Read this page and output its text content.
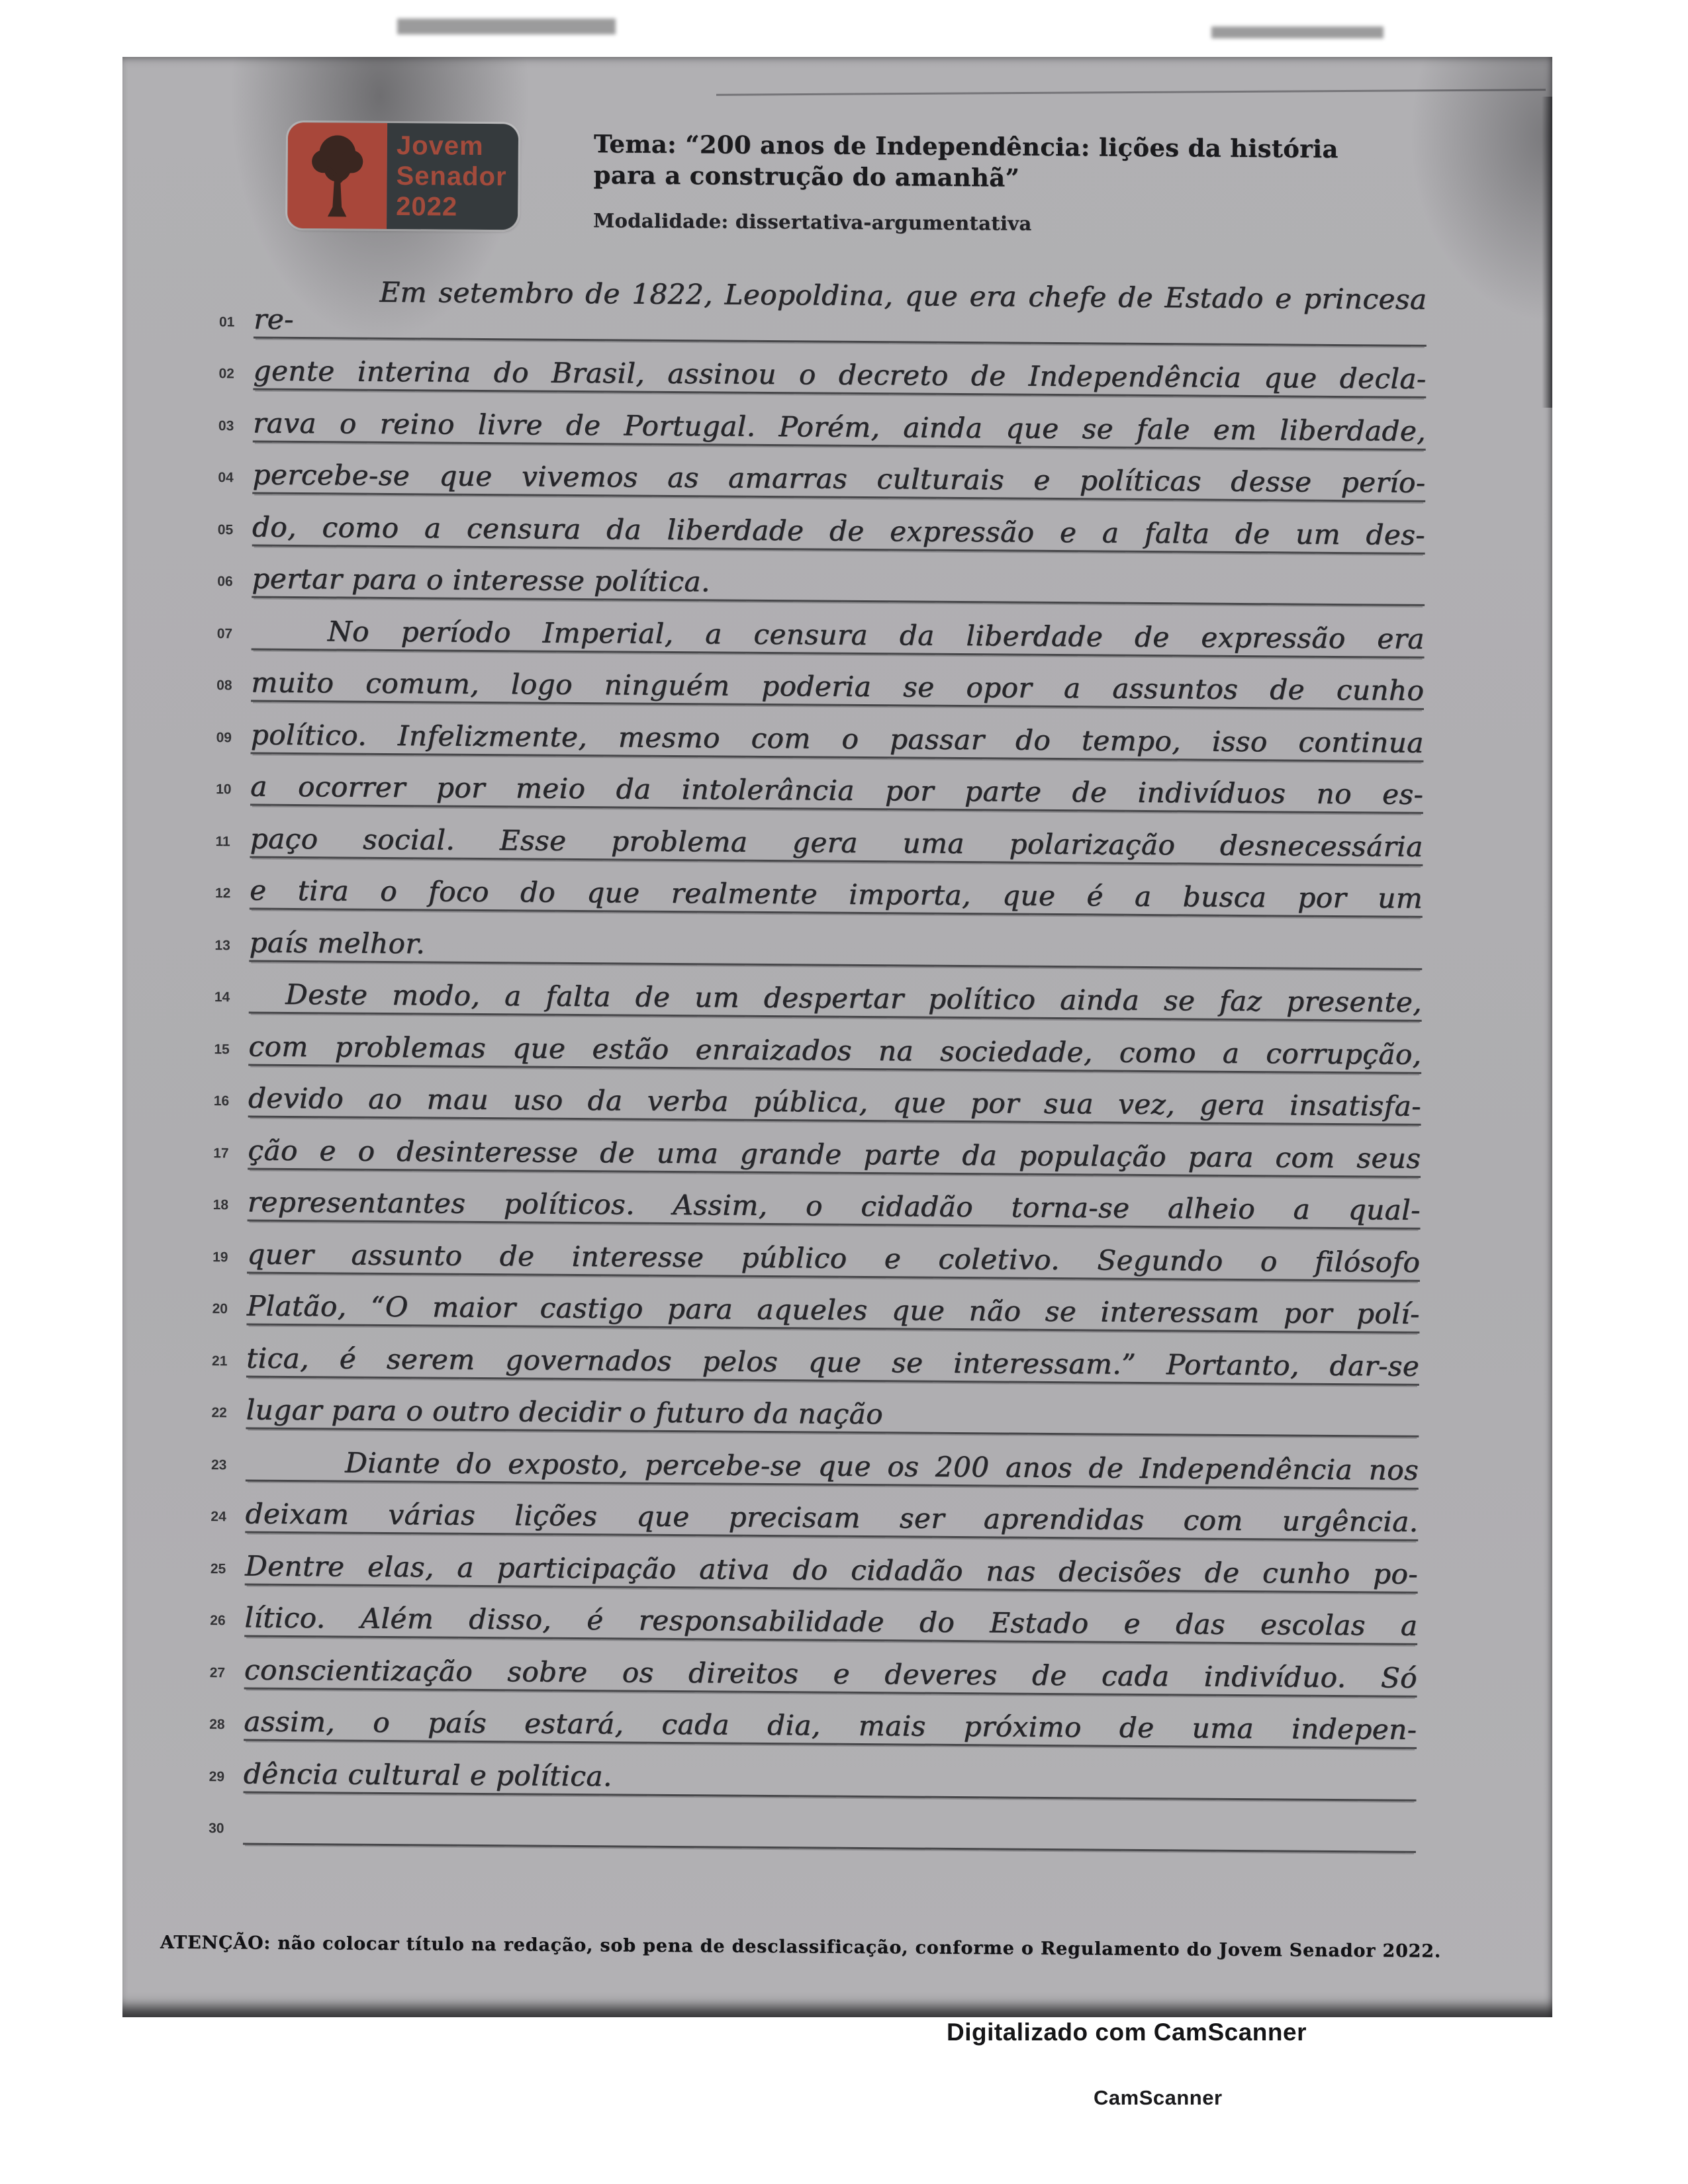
Jovem
Senador
2022
Tema: “200 anos de Independência: lições da história
para a construção do amanhã”
Modalidade: dissertativa-argumentativa
01
Em setembro de 1822, Leopoldina, que era chefe de Estado e princesa re-
02 gente interina do Brasil, assinou o decreto de Independência que decla-
03 rava o reino livre de Portugal. Porém, ainda que se fale em liberdade,
04 percebe-se que vivemos as amarras culturais e políticas desse perío-
05 do, como a censura da liberdade de expressão e a falta de um des-
06 pertar para o interesse política.
07	No período Imperial, a censura da liberdade de expressão era
08 muito comum, logo ninguém poderia se opor a assuntos de cunho
09 político. Infelizmente, mesmo com o passar do tempo, isso continua
10 a ocorrer por meio da intolerância por parte de indivíduos no es-
11 paço social. Esse problema gera uma polarização desnecessária
12 e tira o foco do que realmente importa, que é a busca por um
13 país melhor.
14	Deste modo, a falta de um despertar político ainda se faz presente,
15 com problemas que estão enraizados na sociedade, como a corrupção,
16 devido ao mau uso da verba pública, que por sua vez, gera insatisfa-
17 ção e o desinteresse de uma grande parte da população para com seus
18 representantes políticos. Assim, o cidadão torna-se alheio a qual-
19 quer assunto de interesse público e coletivo. Segundo o filósofo
20 Platão, “O maior castigo para aqueles que não se interessam por polí-
21 tica, é serem governados pelos que se interessam.” Portanto, dar-se
22 lugar para o outro decidir o futuro da nação
23	Diante do exposto, percebe-se que os 200 anos de Independência nos
24 deixam várias lições que precisam ser aprendidas com urgência.
25 Dentre elas, a participação ativa do cidadão nas decisões de cunho po-
26 lítico. Além disso, é responsabilidade do Estado e das escolas a
27 conscientização sobre os direitos e deveres de cada indivíduo. Só
28 assim, o país estará, cada dia, mais próximo de uma indepen-
29 dência cultural e política.
30
ATENÇÃO: não colocar título na redação, sob pena de desclassificação, conforme o Regulamento do Jovem Senador 2022.
Digitalizado com CamScanner
CamScanner
